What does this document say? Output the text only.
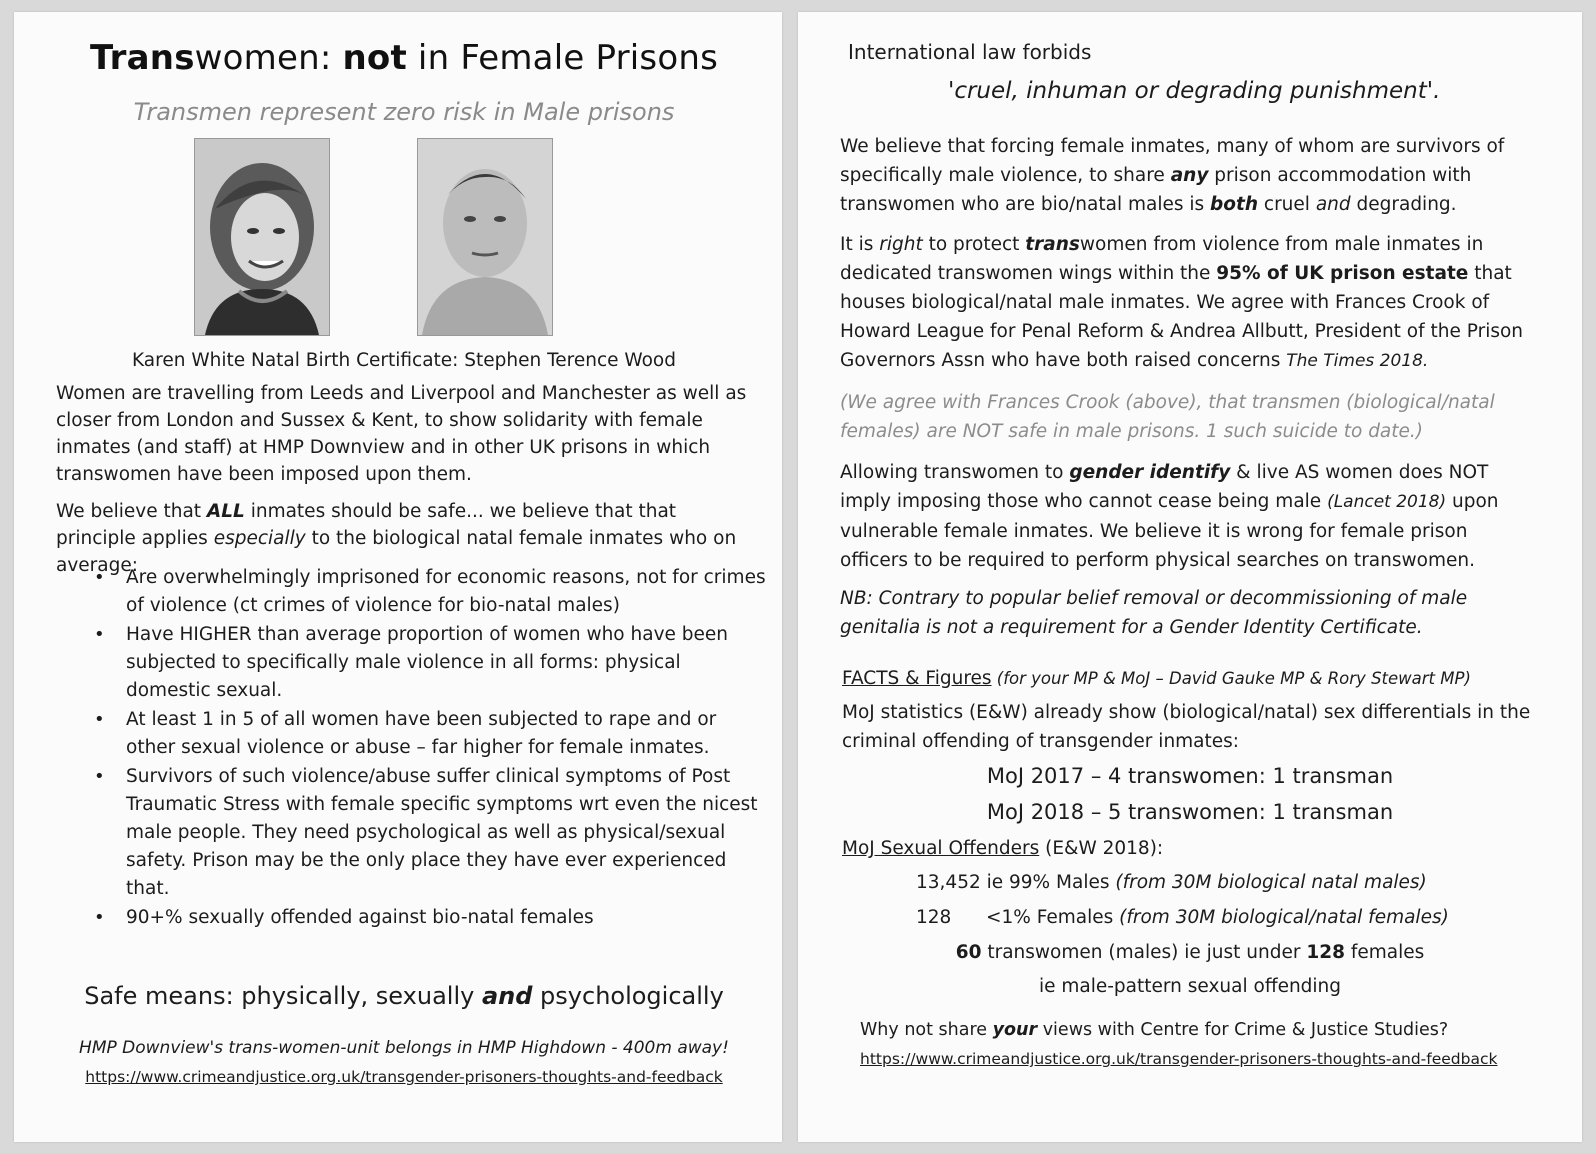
Transwomen: not in Female Prisons
Transmen represent zero risk in Male prisons
Karen White Natal Birth Certificate: Stephen Terence Wood
Women are travelling from Leeds and Liverpool and Manchester as well as closer from London and Sussex & Kent, to show solidarity with female inmates (and staff) at HMP Downview and in other UK prisons in which transwomen have been imposed upon them.
We believe that ALL inmates should be safe... we believe that that principle applies especially to the biological natal female inmates who on average:
• Are overwhelmingly imprisoned for economic reasons, not for crimes of violence (ct crimes of violence for bio-natal males)
• Have HIGHER than average proportion of women who have been subjected to specifically male violence in all forms: physical domestic sexual.
• At least 1 in 5 of all women have been subjected to rape and or other sexual violence or abuse – far higher for female inmates.
• Survivors of such violence/abuse suffer clinical symptoms of Post Traumatic Stress with female specific symptoms wrt even the nicest male people. They need psychological as well as physical/sexual safety. Prison may be the only place they have ever experienced that.
• 90+% sexually offended against bio-natal females
Safe means: physically, sexually and psychologically
HMP Downview's trans-women-unit belongs in HMP Highdown - 400m away!
https://www.crimeandjustice.org.uk/transgender-prisoners-thoughts-and-feedback
International law forbids
'cruel, inhuman or degrading punishment'.
We believe that forcing female inmates, many of whom are survivors of specifically male violence, to share any prison accommodation with transwomen who are bio/natal males is both cruel and degrading.
It is right to protect transwomen from violence from male inmates in dedicated transwomen wings within the 95% of UK prison estate that houses biological/natal male inmates. We agree with Frances Crook of Howard League for Penal Reform & Andrea Allbutt, President of the Prison Governors Assn who have both raised concerns The Times 2018.
(We agree with Frances Crook (above), that transmen (biological/natal females) are NOT safe in male prisons. 1 such suicide to date.)
Allowing transwomen to gender identify & live AS women does NOT imply imposing those who cannot cease being male (Lancet 2018) upon vulnerable female inmates. We believe it is wrong for female prison officers to be required to perform physical searches on transwomen.
NB: Contrary to popular belief removal or decommissioning of male genitalia is not a requirement for a Gender Identity Certificate.
FACTS & Figures (for your MP & MoJ – David Gauke MP & Rory Stewart MP)
MoJ statistics (E&W) already show (biological/natal) sex differentials in the criminal offending of transgender inmates:
MoJ 2017 – 4 transwomen: 1 transman
MoJ 2018 – 5 transwomen: 1 transman
MoJ Sexual Offenders (E&W 2018):
13,452 ie 99% Males (from 30M biological natal males)
128 <1% Females (from 30M biological/natal females)
60 transwomen (males) ie just under 128 females
ie male-pattern sexual offending
Why not share your views with Centre for Crime & Justice Studies?
https://www.crimeandjustice.org.uk/transgender-prisoners-thoughts-and-feedback
